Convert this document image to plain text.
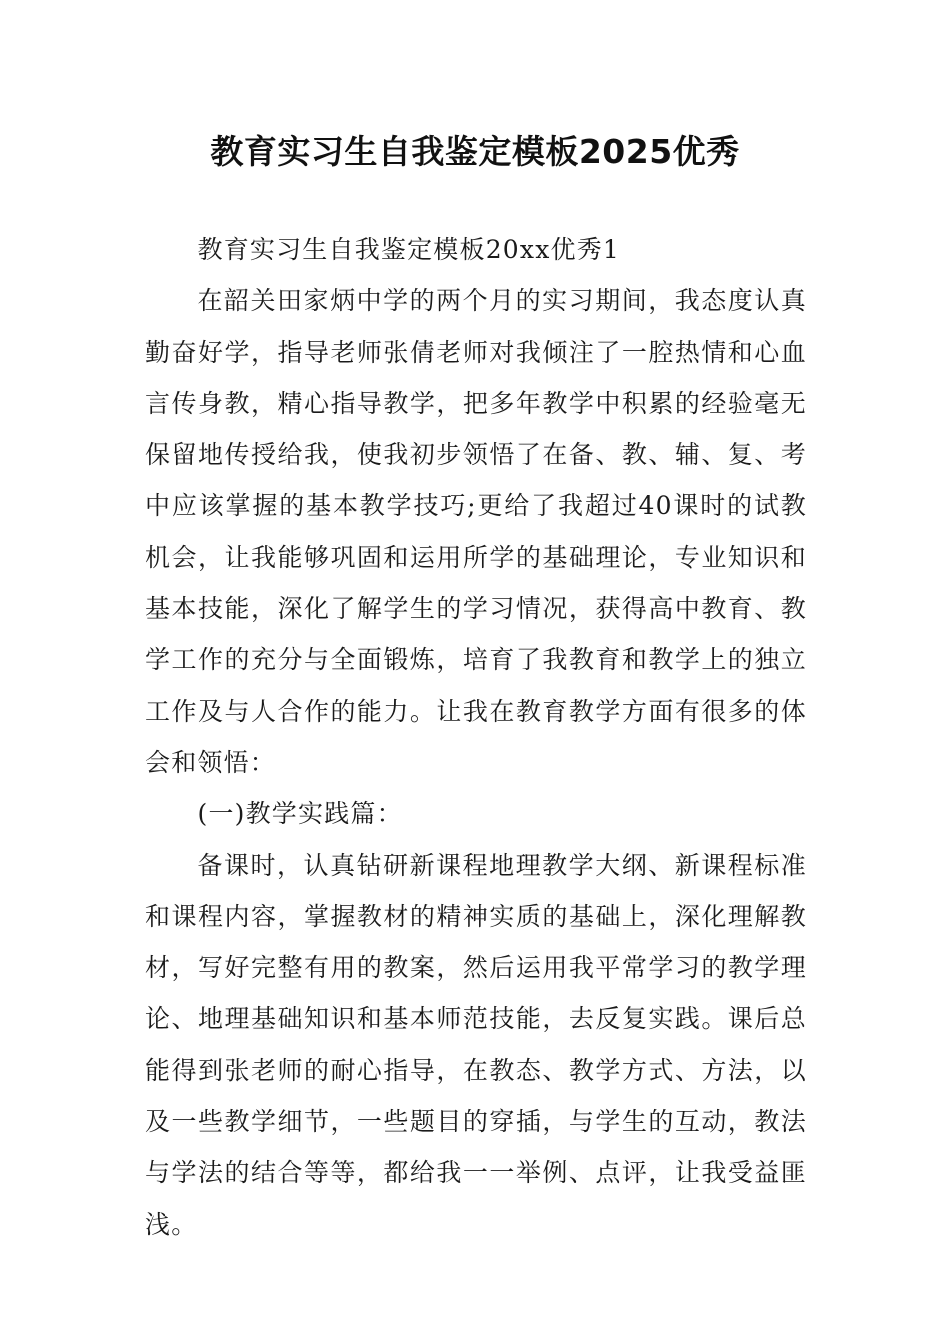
教育实习生自我鉴定模板2025优秀

教育实习生自我鉴定模板20xx优秀1

在韶关田家炳中学的两个月的实习期间，我态度认真勤奋好学，指导老师张倩老师对我倾注了一腔热情和心血言传身教，精心指导教学，把多年教学中积累的经验毫无保留地传授给我，使我初步领悟了在备、教、辅、复、考中应该掌握的基本教学技巧;更给了我超过40课时的试教机会，让我能够巩固和运用所学的基础理论，专业知识和基本技能，深化了解学生的学习情况，获得高中教育、教学工作的充分与全面锻炼，培育了我教育和教学上的独立工作及与人合作的能力。让我在教育教学方面有很多的体会和领悟：

(一)教学实践篇：

备课时，认真钻研新课程地理教学大纲、新课程标准和课程内容，掌握教材的精神实质的基础上，深化理解教材，写好完整有用的教案，然后运用我平常学习的教学理论、地理基础知识和基本师范技能，去反复实践。课后总能得到张老师的耐心指导，在教态、教学方式、方法，以及一些教学细节，一些题目的穿插，与学生的互动，教法与学法的结合等等，都给我一一举例、点评，让我受益匪浅。
